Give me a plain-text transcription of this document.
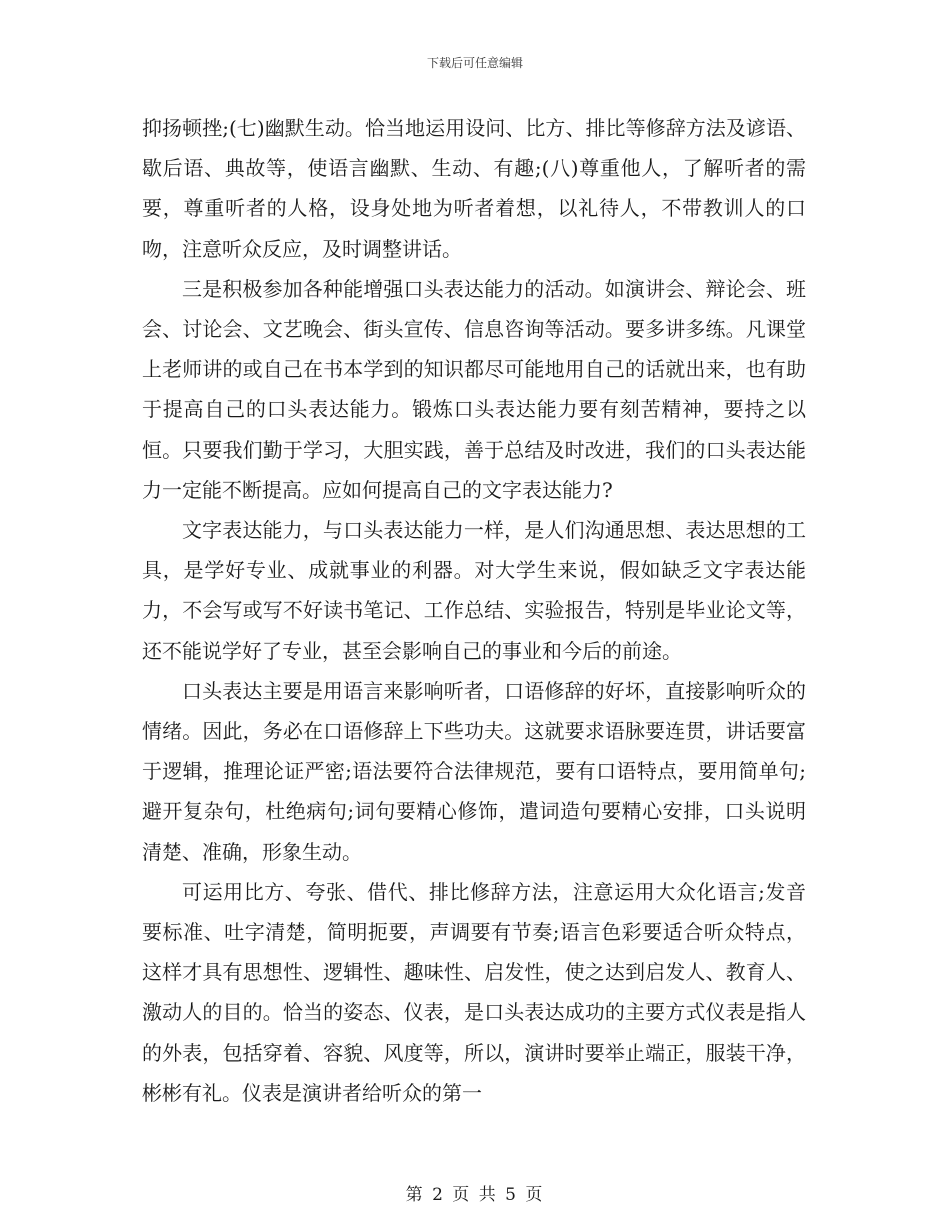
下载后可任意编辑

抑扬顿挫;(七)幽默生动。恰当地运用设问、比方、排比等修辞方法及谚语、歇后语、典故等，使语言幽默、生动、有趣;(八)尊重他人，了解听者的需要，尊重听者的人格，设身处地为听者着想，以礼待人，不带教训人的口吻，注意听众反应，及时调整讲话。

三是积极参加各种能增强口头表达能力的活动。如演讲会、辩论会、班会、讨论会、文艺晚会、街头宣传、信息咨询等活动。要多讲多练。凡课堂上老师讲的或自己在书本学到的知识都尽可能地用自己的话就出来，也有助于提高自己的口头表达能力。锻炼口头表达能力要有刻苦精神，要持之以恒。只要我们勤于学习，大胆实践，善于总结及时改进，我们的口头表达能力一定能不断提高。应如何提高自己的文字表达能力?

文字表达能力，与口头表达能力一样，是人们沟通思想、表达思想的工具，是学好专业、成就事业的利器。对大学生来说，假如缺乏文字表达能力，不会写或写不好读书笔记、工作总结、实验报告，特别是毕业论文等，还不能说学好了专业，甚至会影响自己的事业和今后的前途。

口头表达主要是用语言来影响听者，口语修辞的好坏，直接影响听众的情绪。因此，务必在口语修辞上下些功夫。这就要求语脉要连贯，讲话要富于逻辑，推理论证严密;语法要符合法律规范，要有口语特点，要用简单句;避开复杂句，杜绝病句;词句要精心修饰，遣词造句要精心安排，口头说明清楚、准确，形象生动。

可运用比方、夸张、借代、排比修辞方法，注意运用大众化语言;发音要标准、吐字清楚，简明扼要，声调要有节奏;语言色彩要适合听众特点，这样才具有思想性、逻辑性、趣味性、启发性，使之达到启发人、教育人、激动人的目的。恰当的姿态、仪表，是口头表达成功的主要方式仪表是指人的外表，包括穿着、容貌、风度等，所以，演讲时要举止端正，服装干净，彬彬有礼。仪表是演讲者给听众的第一

第 2 页 共 5 页
